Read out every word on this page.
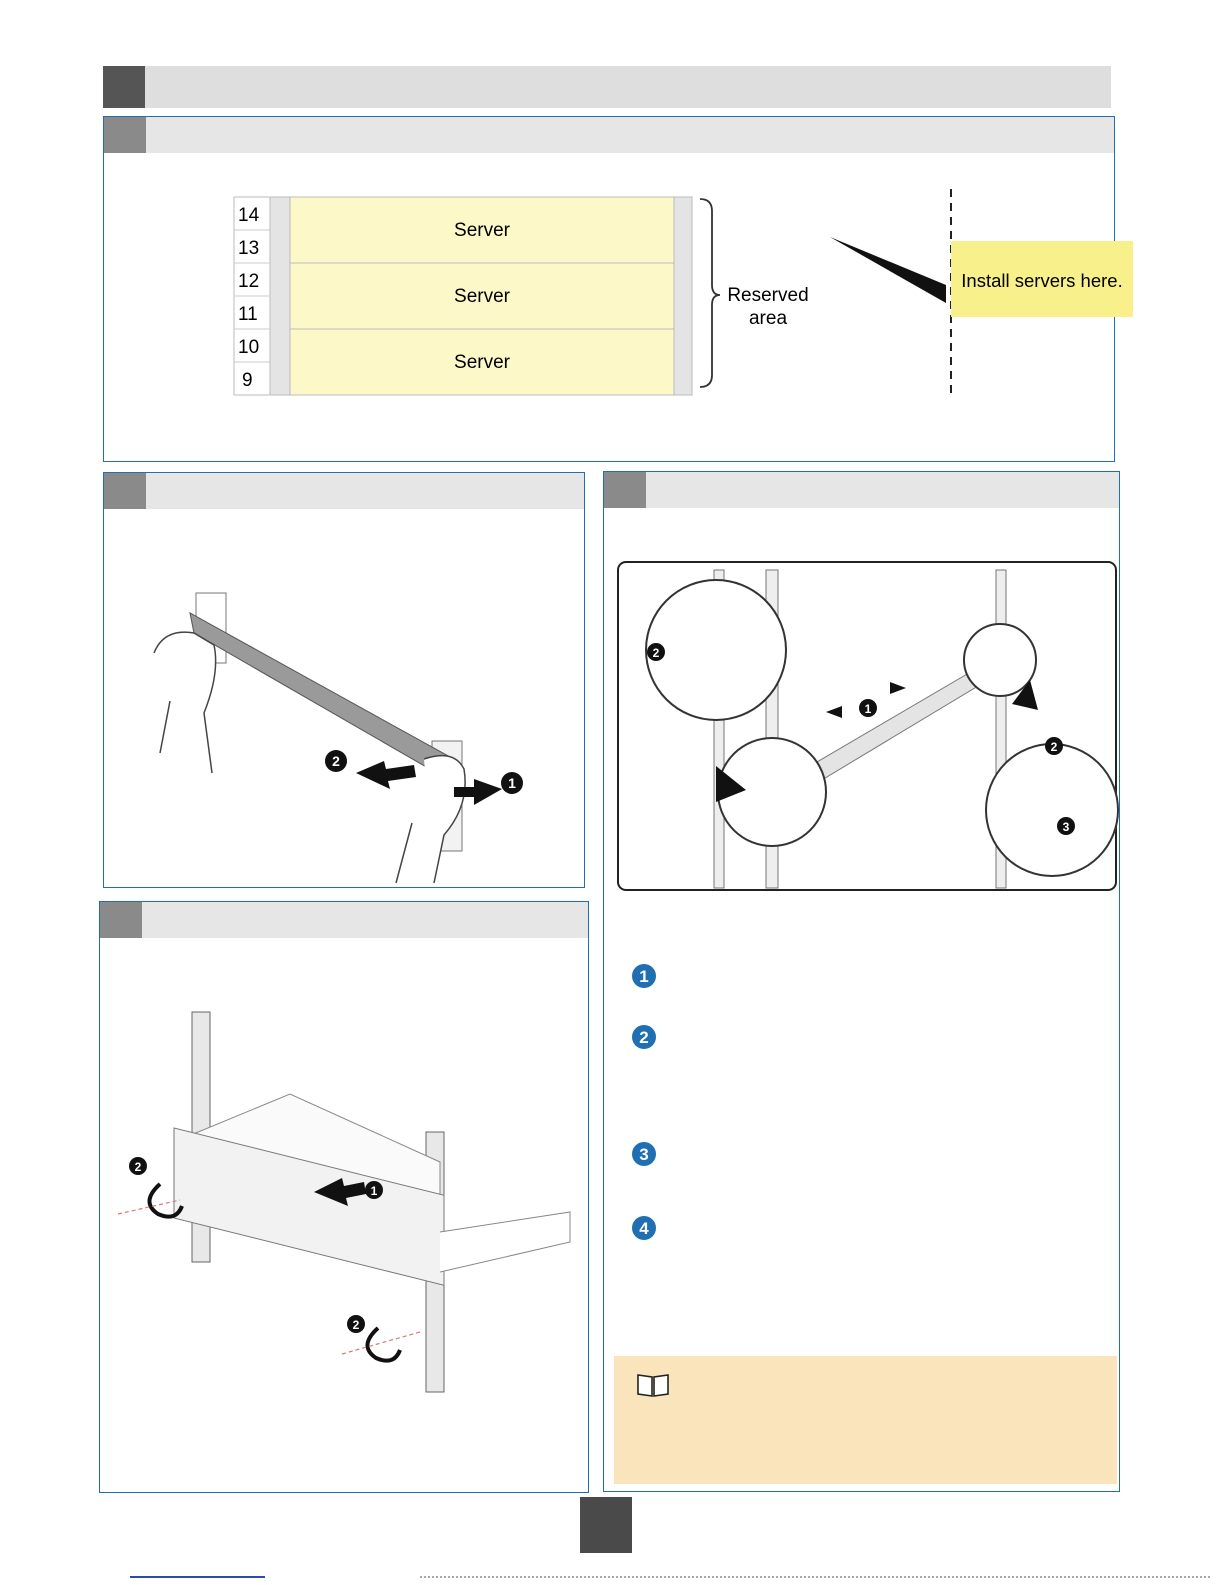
14
13
12
11
10
9
Server
Server
Server
Reserved
area
Install servers here.
2
1
1
2
2
2
1
2
3
1
2
3
4
